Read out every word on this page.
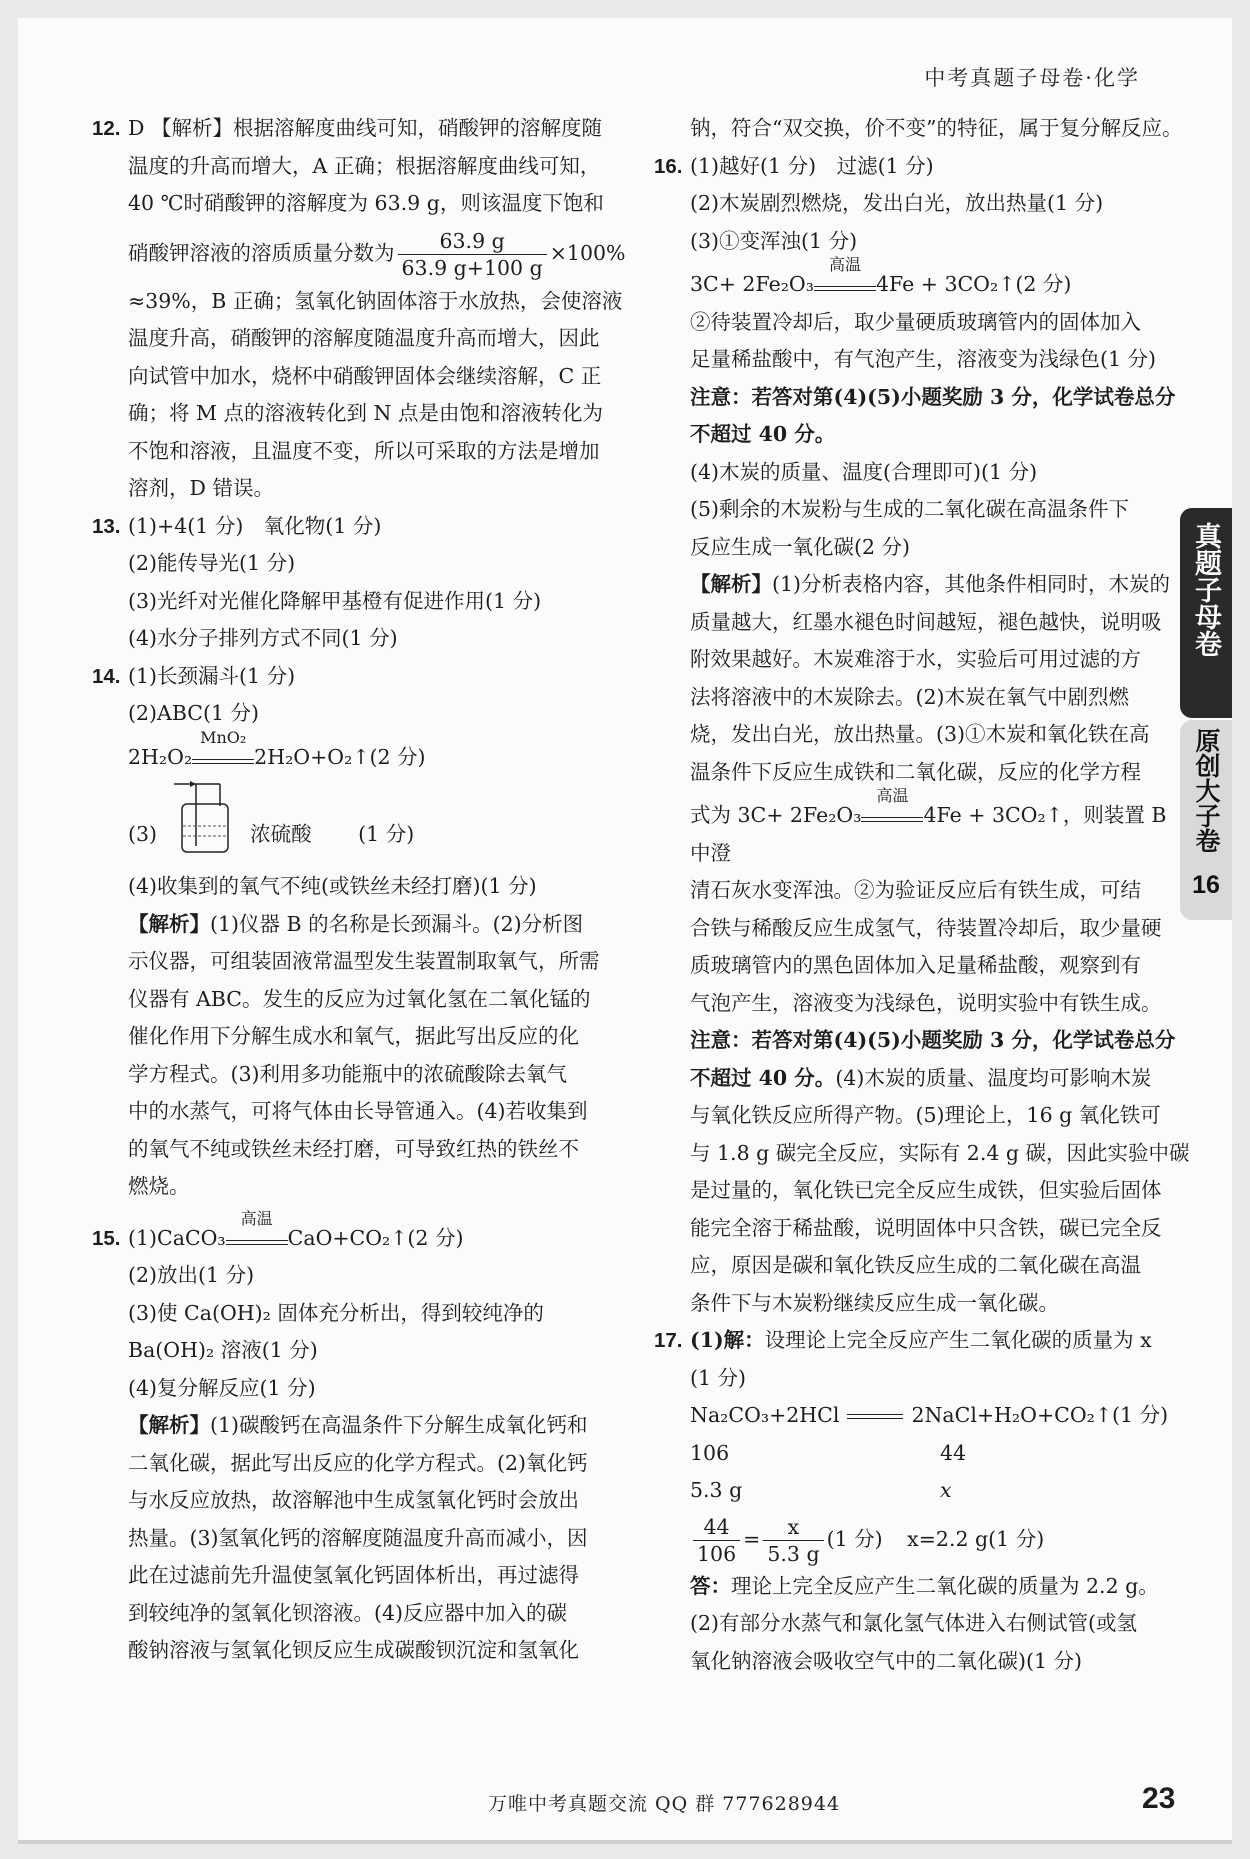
中考真题子母卷·化学

12. D 【解析】根据溶解度曲线可知，硝酸钾的溶解度随

温度的升高而增大，A 正确；根据溶解度曲线可知，

40 ℃时硝酸钾的溶解度为 63.9 g，则该温度下饱和

硝酸钾溶液的溶质质量分数为 $\frac{63.9 g}{63.9 g+100 g} \times 100\%$

≈39%，B 正确；氢氧化钠固体溶于水放热，会使溶液

温度升高，硝酸钾的溶解度随温度升高而增大，因此

向试管中加水，烧杯中硝酸钾固体会继续溶解，C 正

确；将 M 点的溶液转化到 N 点是由饱和溶液转化为

不饱和溶液，且温度不变，所以可采取的方法是增加

溶剂，D 错误。

13. (1)+4(1 分)　氧化物(1 分)

(2)能传导光(1 分)

(3)光纤对光催化降解甲基橙有促进作用(1 分)

(4)水分子排列方式不同(1 分)

14. (1)长颈漏斗(1 分)

(2)ABC(1 分)

2H₂O₂
MnO₂
2H₂O+O₂↑(2 分)

(3)	浓硫酸 (1 分)

(4)收集到的氧气不纯(或铁丝未经打磨)(1 分)

【解析】(1)仪器 B 的名称是长颈漏斗。(2)分析图

示仪器，可组装固液常温型发生装置制取氧气，所需

仪器有 ABC。发生的反应为过氧化氢在二氧化锰的

催化作用下分解生成水和氧气，据此写出反应的化

学方程式。(3)利用多功能瓶中的浓硫酸除去氧气

中的水蒸气，可将气体由长导管通入。(4)若收集到

的氧气不纯或铁丝未经打磨，可导致红热的铁丝不

燃烧。

15. (1)CaCO₃
高温
CaO+CO₂↑(2 分)

(2)放出(1 分)

(3)使 Ca(OH)₂ 固体充分析出，得到较纯净的

Ba(OH)₂ 溶液(1 分)

(4)复分解反应(1 分)

【解析】(1)碳酸钙在高温条件下分解生成氧化钙和

二氧化碳，据此写出反应的化学方程式。(2)氧化钙

与水反应放热，故溶解池中生成氢氧化钙时会放出

热量。(3)氢氧化钙的溶解度随温度升高而减小，因

此在过滤前先升温使氢氧化钙固体析出，再过滤得

到较纯净的氢氧化钡溶液。(4)反应器中加入的碳

酸钠溶液与氢氧化钡反应生成碳酸钡沉淀和氢氧化

钠，符合“双交换，价不变”的特征，属于复分解反应。

16. (1)越好(1 分)　过滤(1 分)

(2)木炭剧烈燃烧，发出白光，放出热量(1 分)

(3)①变浑浊(1 分)

3C+ 2Fe₂O₃
高温
4Fe + 3CO₂↑(2 分)

②待装置冷却后，取少量硬质玻璃管内的固体加入

足量稀盐酸中，有气泡产生，溶液变为浅绿色(1 分)

注意：若答对第(4)(5)小题奖励 3 分，化学试卷总分

不超过 40 分。

(4)木炭的质量、温度(合理即可)(1 分)

(5)剩余的木炭粉与生成的二氧化碳在高温条件下

反应生成一氧化碳(2 分)

【解析】(1)分析表格内容，其他条件相同时，木炭的

质量越大，红墨水褪色时间越短，褪色越快，说明吸

附效果越好。木炭难溶于水，实验后可用过滤的方

法将溶液中的木炭除去。(2)木炭在氧气中剧烈燃

烧，发出白光，放出热量。(3)①木炭和氧化铁在高

温条件下反应生成铁和二氧化碳，反应的化学方程

式为 3C+ 2Fe₂O₃
高温
4Fe + 3CO₂↑，则装置 B 中澄

清石灰水变浑浊。②为验证反应后有铁生成，可结

合铁与稀酸反应生成氢气，待装置冷却后，取少量硬

质玻璃管内的黑色固体加入足量稀盐酸，观察到有

气泡产生，溶液变为浅绿色，说明实验中有铁生成。

注意：若答对第(4)(5)小题奖励 3 分，化学试卷总分

不超过 40 分。(4)木炭的质量、温度均可影响木炭

与氧化铁反应所得产物。(5)理论上，16 g 氧化铁可

与 1.8 g 碳完全反应，实际有 2.4 g 碳，因此实验中碳

是过量的，氧化铁已完全反应生成铁，但实验后固体

能完全溶于稀盐酸，说明固体中只含铁，碳已完全反

应，原因是碳和氧化铁反应生成的二氧化碳在高温

条件下与木炭粉继续反应生成一氧化碳。

17. (1)解：设理论上完全反应产生二氧化碳的质量为 x

(1 分)

Na₂CO₃+2HCl	2NaCl+H₂O+CO₂↑(1 分)

106	44

5.3 g	x

$\frac{44}{106} = \frac{x}{5.3 g} (1$ 分) x=2.2 g(1 分)

答：理论上完全反应产生二氧化碳的质量为 2.2 g。

(2)有部分水蒸气和氯化氢气体进入右侧试管(或氢

氧化钠溶液会吸收空气中的二氧化碳)(1 分)

真题子母卷
原创大子卷
16
万唯中考真题交流 QQ 群 777628944	23
